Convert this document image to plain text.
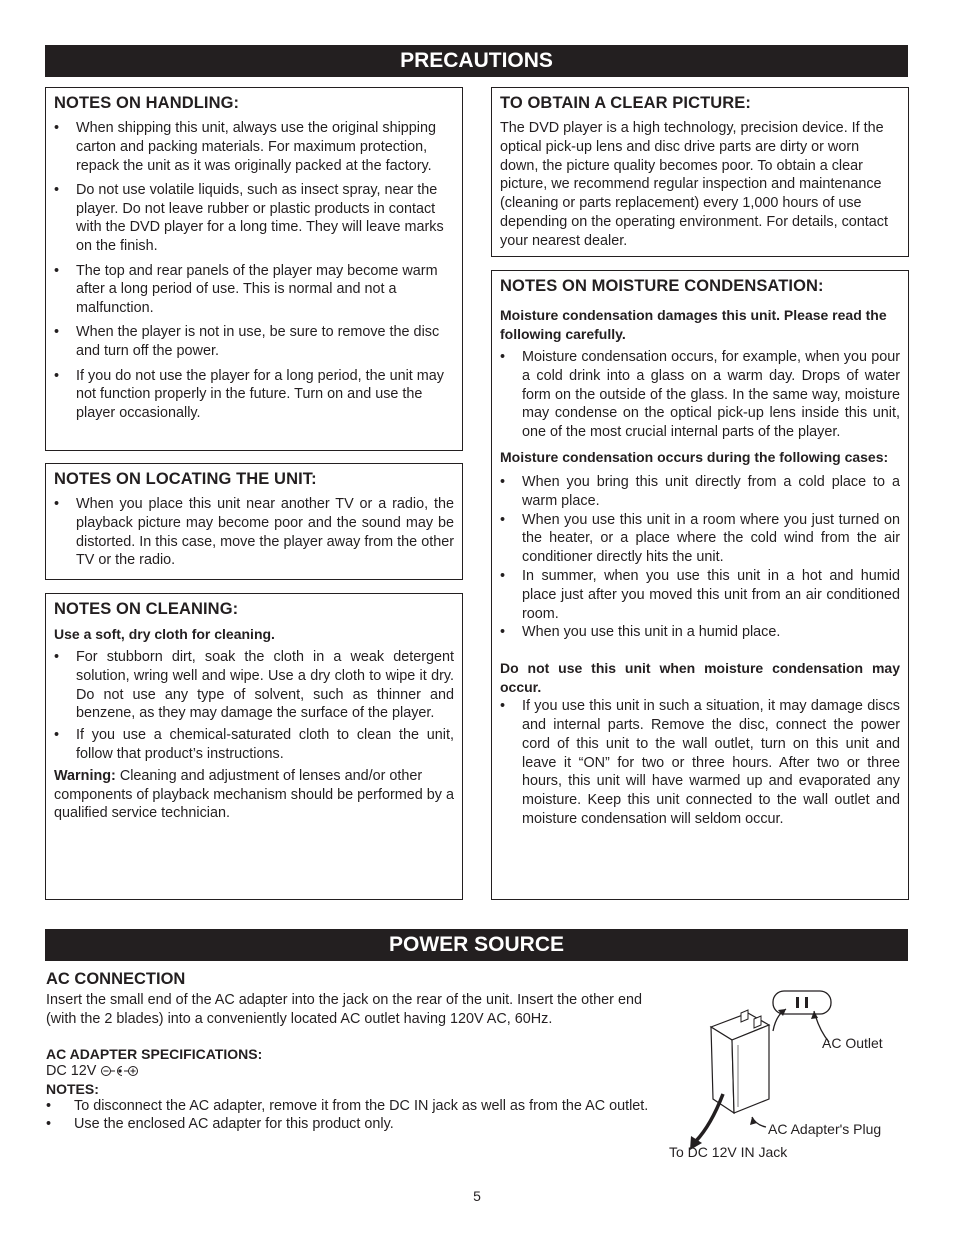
PRECAUTIONS
NOTES ON HANDLING:
• When shipping this unit, always use the original shipping carton and packing materials. For maximum protection, repack the unit as it was originally packed at the factory.
• Do not use volatile liquids, such as insect spray, near the player. Do not leave rubber or plastic products in contact with the DVD player for a long time. They will leave marks on the finish.
• The top and rear panels of the player may become warm after a long period of use. This is normal and not a malfunction.
• When the player is not in use, be sure to remove the disc and turn off the power.
• If you do not use the player for a long period, the unit may not function properly in the future. Turn on and use the player occasionally.
NOTES ON LOCATING THE UNIT:
• When you place this unit near another TV or a radio, the playback picture may become poor and the sound may be distorted. In this case, move the player away from the other TV or the radio.
NOTES ON CLEANING:

Use a soft, dry cloth for cleaning.

• For stubborn dirt, soak the cloth in a weak detergent solution, wring well and wipe. Use a dry cloth to wipe it dry. Do not use any type of solvent, such as thinner and benzene, as they may damage the surface of the player.
• If you use a chemical-saturated cloth to clean the unit, follow that product’s instructions.

Warning: Cleaning and adjustment of lenses and/or other components of playback mechanism should be performed by a qualified service technician.

TO OBTAIN A CLEAR PICTURE:

The DVD player is a high technology, precision device. If the optical pick-up lens and disc drive parts are dirty or worn down, the picture quality becomes poor. To obtain a clear picture, we recommend regular inspection and maintenance (cleaning or parts replacement) every 1,000 hours of use depending on the operating environment. For details, contact your nearest dealer.

NOTES ON MOISTURE CONDENSATION:

Moisture condensation damages this unit. Please read the following carefully.

• Moisture condensation occurs, for example, when you pour a cold drink into a glass on a warm day. Drops of water form on the outside of the glass. In the same way, moisture may condense on the optical pick-up lens inside this unit, one of the most crucial internal parts of the player.

Moisture condensation occurs during the following cases:

• When you bring this unit directly from a cold place to a warm place.
• When you use this unit in a room where you just turned on the heater, or a place where the cold wind from the air conditioner directly hits the unit.
• In summer, when you use this unit in a hot and humid place just after you moved this unit from an air conditioned room.
• When you use this unit in a humid place.

Do not use this unit when moisture condensation may occur.

• If you use this unit in such a situation, it may damage discs and internal parts. Remove the disc, connect the power cord of this unit to the wall outlet, turn on this unit and leave it “ON” for two or three hours. After two or three hours, this unit will have warmed up and evaporated any moisture. Keep this unit connected to the wall outlet and moisture condensation will seldom occur.
POWER SOURCE
AC CONNECTION

Insert the small end of the AC adapter into the jack on the rear of the unit. Insert the other end (with the 2 blades) into a conveniently located AC outlet having 120V AC, 60Hz.

AC ADAPTER SPECIFICATIONS:

DC 12V

NOTES:

• To disconnect the AC adapter, remove it from the DC IN jack as well as from the AC outlet.
• Use the enclosed AC adapter for this product only.
AC Outlet
AC Adapter's Plug
To DC 12V IN Jack
5
